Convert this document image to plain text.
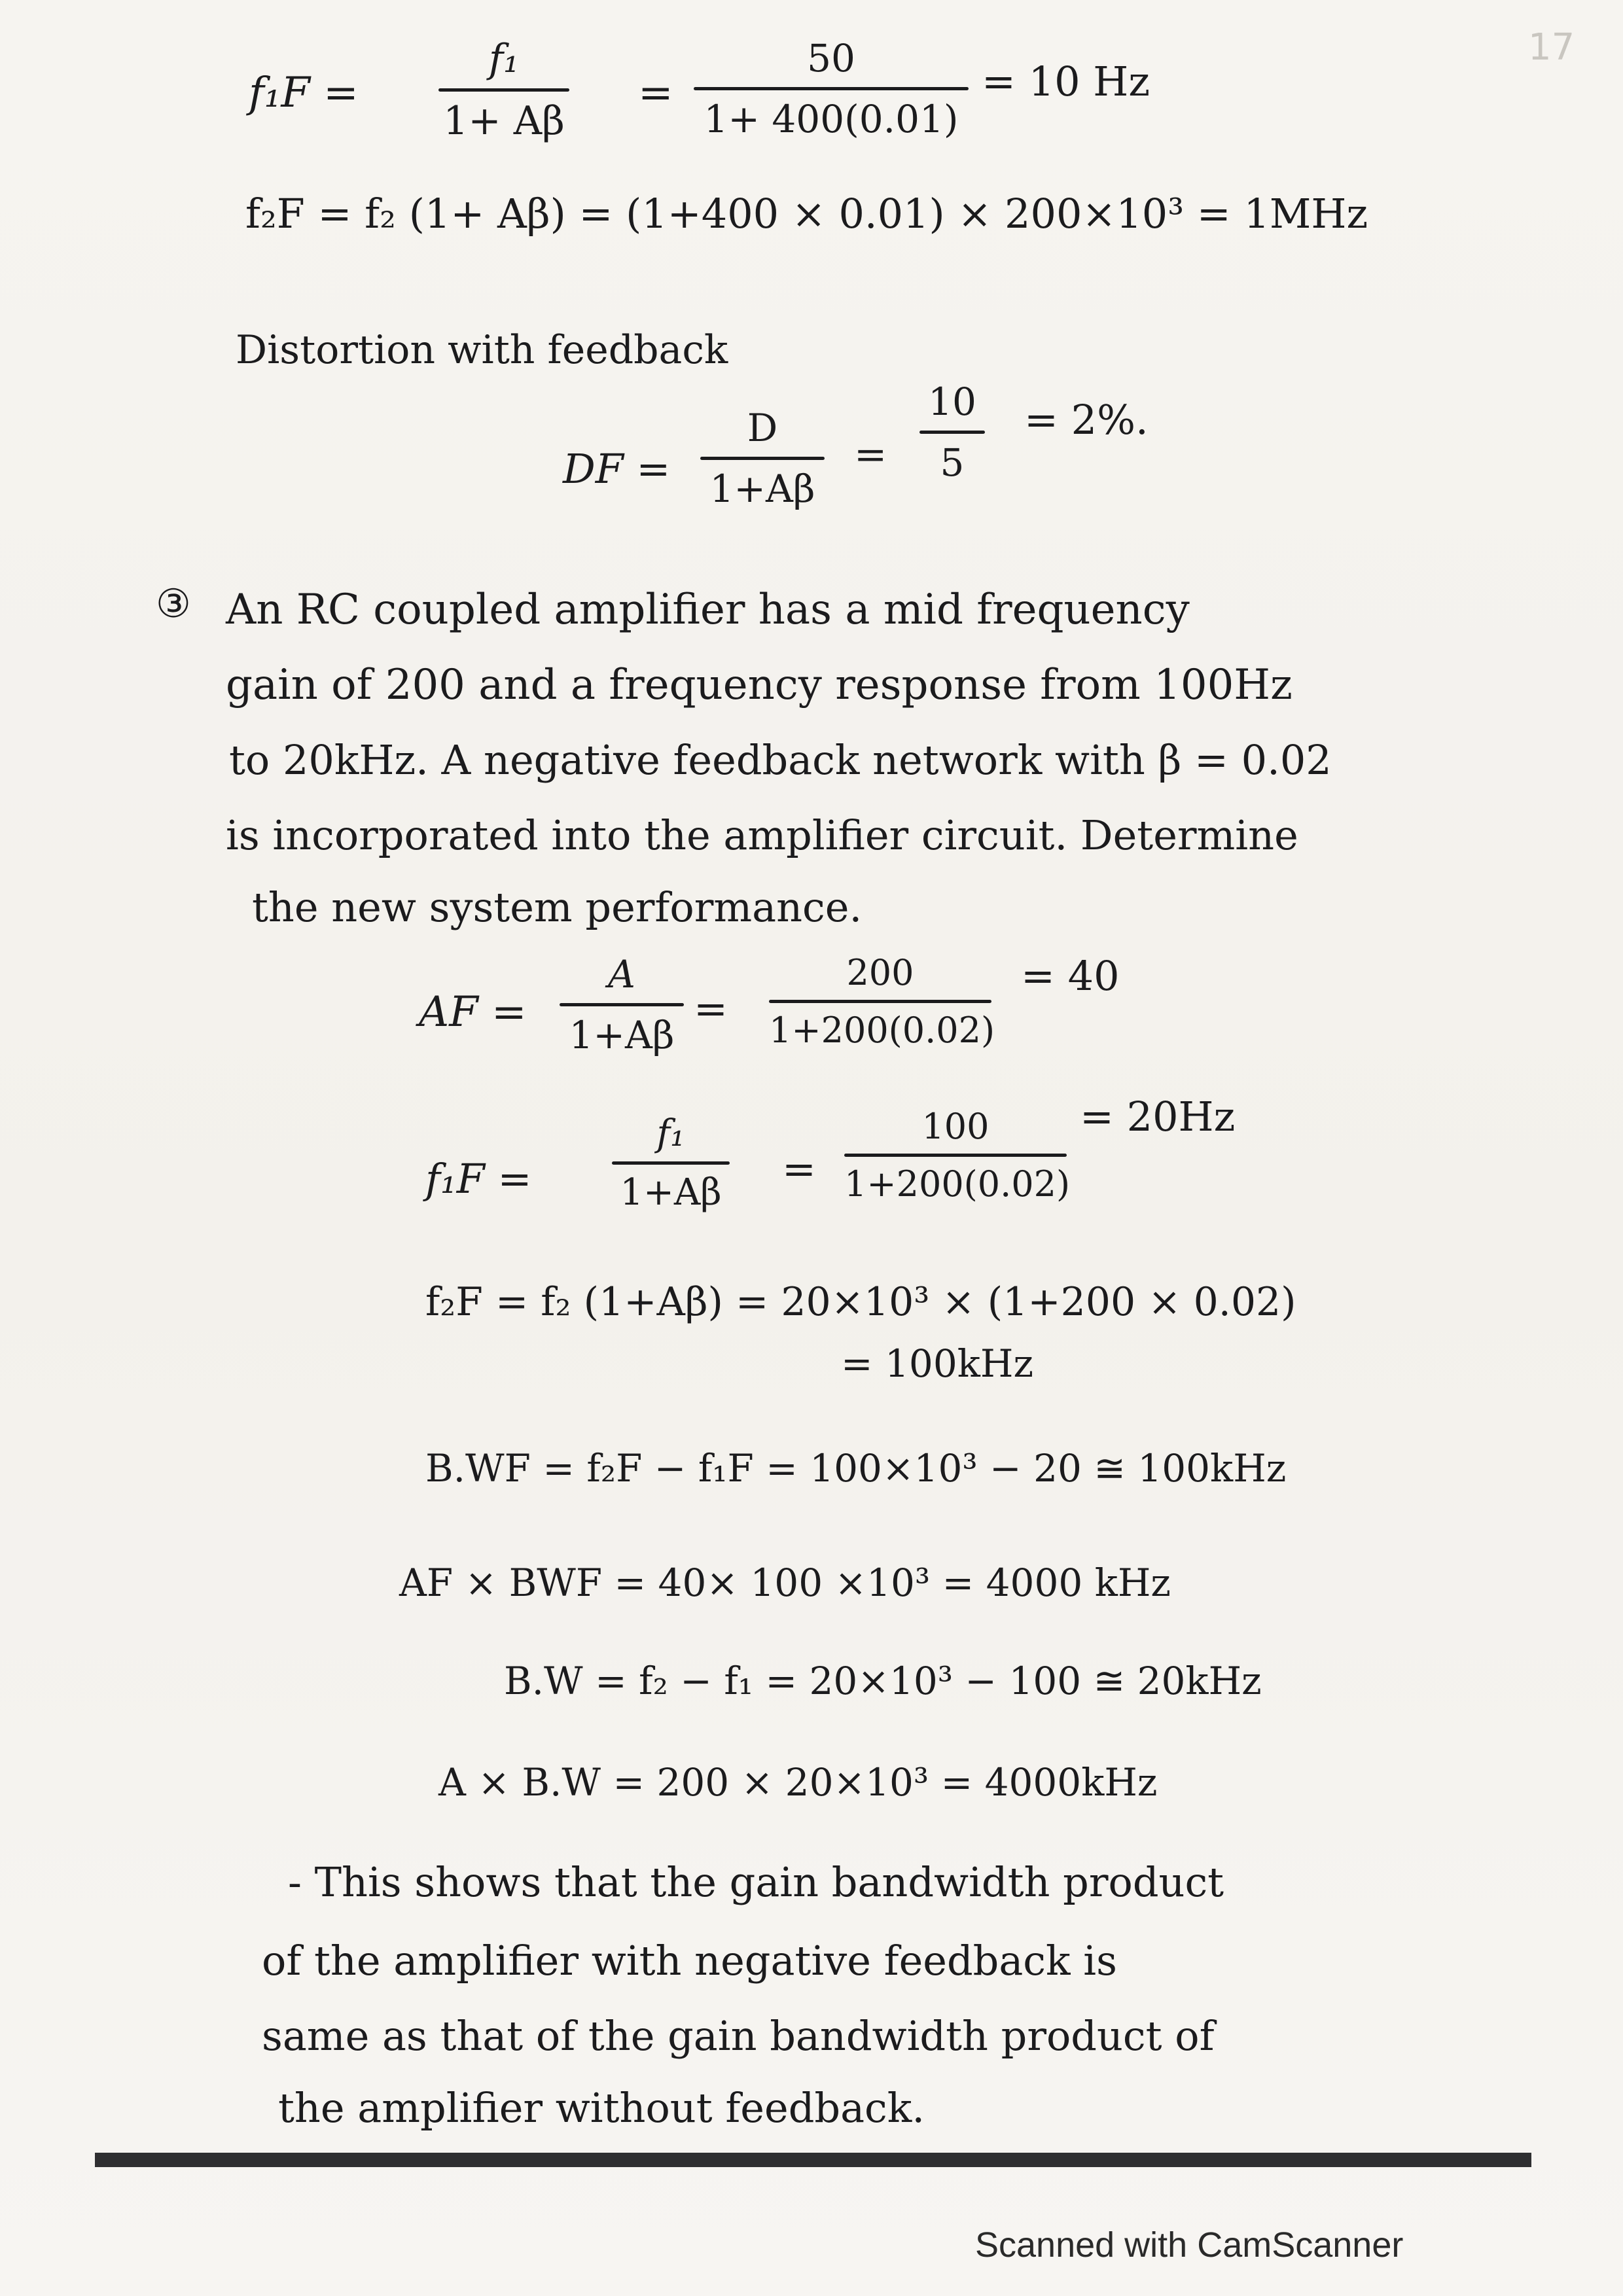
17
f₁F =
f₁
1+ Aβ
=
50
1+ 400(0.01)
= 10 Hz
f₂F = f₂ (1+ Aβ) = (1+400 × 0.01) × 200×10³ = 1MHz
Distortion with feedback
DF =
D
1+Aβ
=
10
5
= 2%.
③ An RC coupled amplifier has a mid frequency
gain of 200 and a frequency response from 100Hz
to 20kHz. A negative feedback network with β = 0.02
is incorporated into the amplifier circuit. Determine
the new system performance.
AF =
A
1+Aβ
=
200
1+200(0.02)
= 40
f₁F =
f₁
1+Aβ =
100
1+200(0.02)
= 20Hz
f₂F = f₂ (1+Aβ) = 20×10³ × (1+200 × 0.02)
= 100kHz
B.WF = f₂F − f₁F = 100×10³ − 20 ≅ 100kHz
AF × BWF = 40× 100 ×10³ = 4000 kHz
B.W = f₂ − f₁ = 20×10³ − 100 ≅ 20kHz
A × B.W = 200 × 20×10³ = 4000kHz
- This shows that the gain bandwidth product
of the amplifier with negative feedback is
same as that of the gain bandwidth product of
the amplifier without feedback.
Scanned with CamScanner
